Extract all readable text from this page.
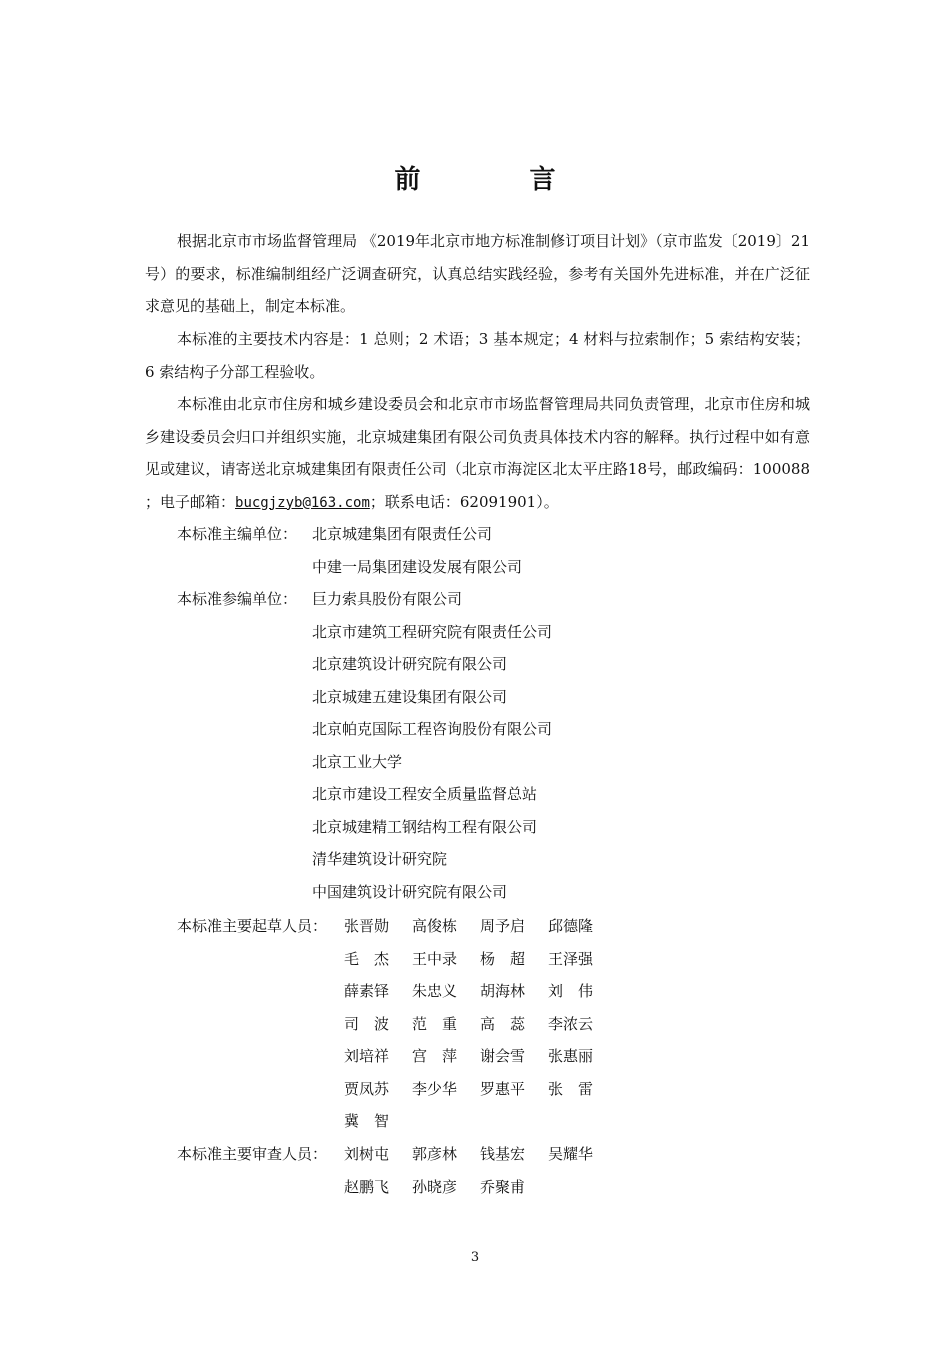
前 言

根据北京市市场监督管理局 《2019年北京市地方标准制修订项目计划》（京市监发〔2019〕21号）的要求，标准编制组经广泛调查研究，认真总结实践经验，参考有关国外先进标准，并在广泛征求意见的基础上，制定本标准。

本标准的主要技术内容是：1 总则；2 术语；3 基本规定；4 材料与拉索制作；5 索结构安装；6 索结构子分部工程验收。

本标准由北京市住房和城乡建设委员会和北京市市场监督管理局共同负责管理，北京市住房和城乡建设委员会归口并组织实施，北京城建集团有限公司负责具体技术内容的解释。执行过程中如有意见或建议，请寄送北京城建集团有限责任公司（北京市海淀区北太平庄路18号，邮政编码：100088 ；电子邮箱：bucgjzyb@163.com；联系电话：62091901）。

本标准主编单位： 北京城建集团有限责任公司
中建一局集团建设发展有限公司
本标准参编单位： 巨力索具股份有限公司
北京市建筑工程研究院有限责任公司
北京建筑设计研究院有限公司
北京城建五建设集团有限公司
北京帕克国际工程咨询股份有限公司
北京工业大学
北京市建设工程安全质量监督总站
北京城建精工钢结构工程有限公司
清华建筑设计研究院
中国建筑设计研究院有限公司
本标准主要起草人员： 张晋勋 高俊栋 周予启 邱德隆
毛　杰 王中录 杨　超 王泽强
薛素铎 朱忠义 胡海林 刘　伟
司　波 范　重 高　蕊 李浓云
刘培祥 宫　萍 谢会雪 张惠丽
贾凤苏 李少华 罗惠平 张　雷
冀　智
本标准主要审查人员： 刘树屯 郭彦林 钱基宏 吴耀华
赵鹏飞 孙晓彦 乔聚甫
3
